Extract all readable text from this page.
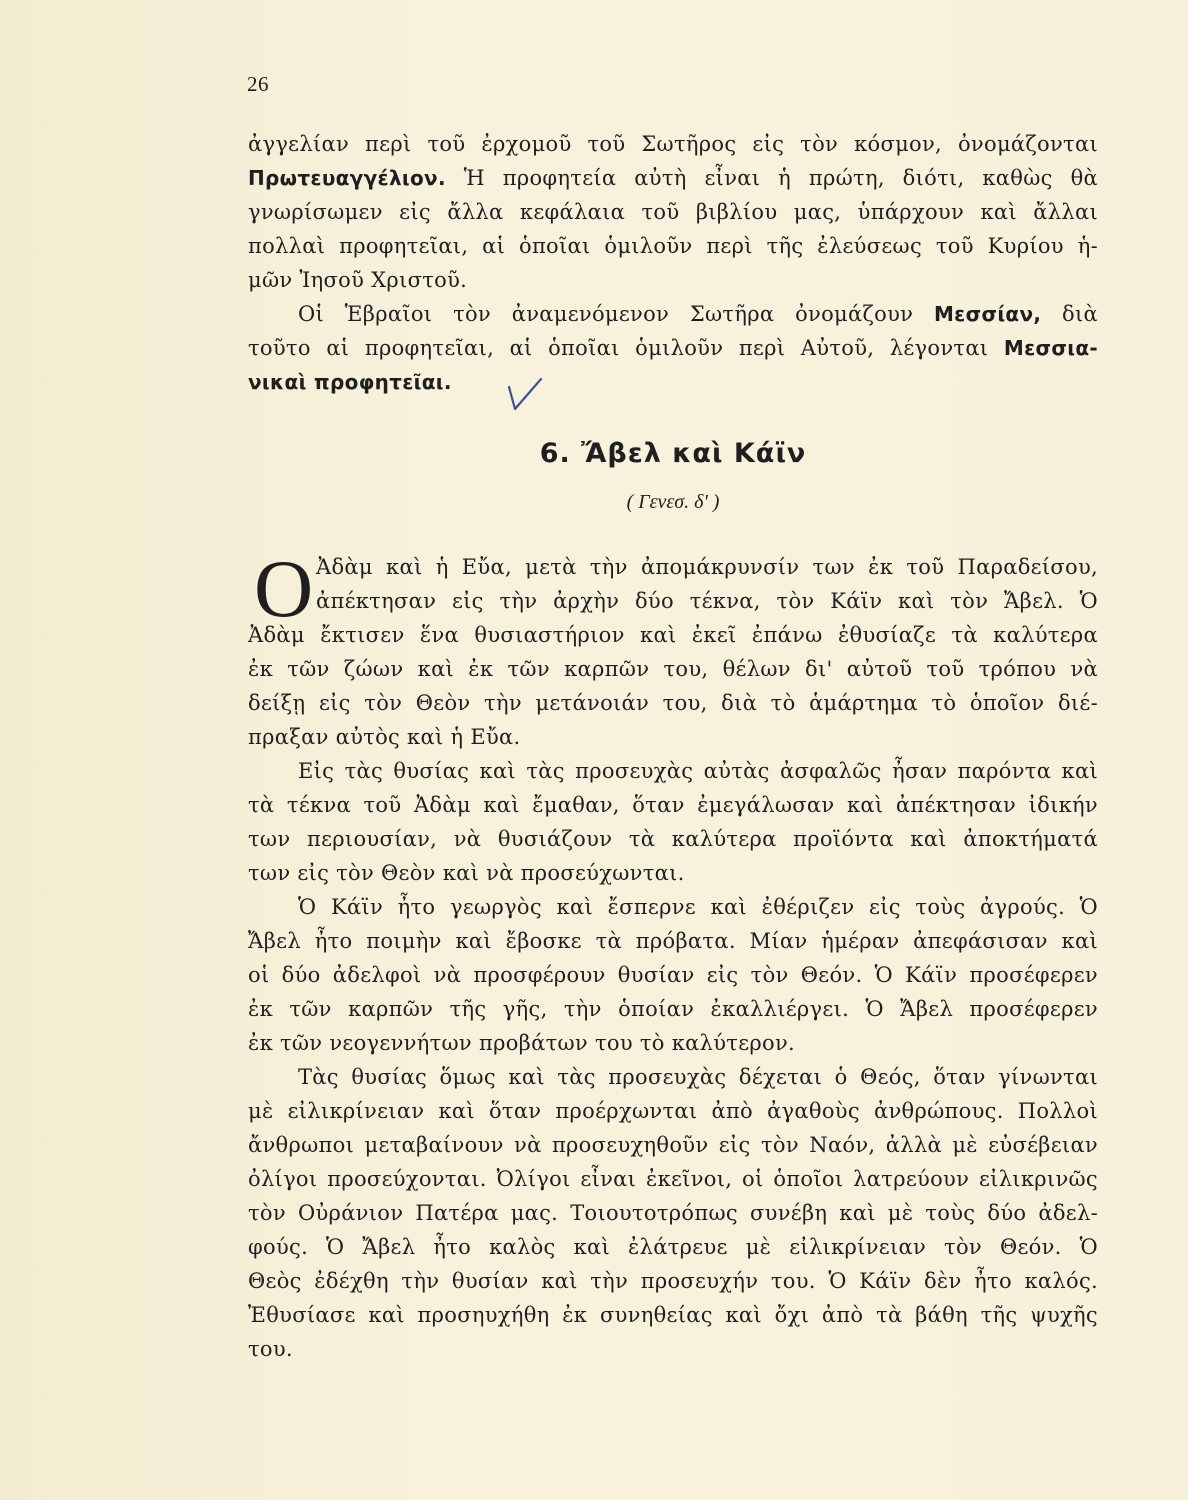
26
ἀγγελίαν περὶ τοῦ ἐρχομοῦ τοῦ Σωτῆρος εἰς τὸν κόσμον, ὀνομάζονται
Πρωτευαγγέλιον. Ἡ προφητεία αὐτὴ εἶναι ἡ πρώτη, διότι, καθὼς θὰ
γνωρίσωμεν εἰς ἄλλα κεφάλαια τοῦ βιβλίου μας, ὑπάρχουν καὶ ἄλλαι
πολλαὶ προφητεῖαι, αἱ ὁποῖαι ὁμιλοῦν περὶ τῆς ἐλεύσεως τοῦ Κυρίου ἡ-
μῶν Ἰησοῦ Χριστοῦ.
Οἱ Ἑβραῖοι τὸν ἀναμενόμενον Σωτῆρα ὀνομάζουν Μεσσίαν, διὰ
τοῦτο αἱ προφητεῖαι, αἱ ὁποῖαι ὁμιλοῦν περὶ Αὐτοῦ, λέγονται Μεσσια-
νικαὶ προφητεῖαι.
6. Ἄβελ καὶ Κάϊν
( Γενεσ. δ' )
Ο Ἀδὰμ καὶ ἡ Εὔα, μετὰ τὴν ἀπομάκρυνσίν των ἐκ τοῦ Παραδείσου,
ἀπέκτησαν εἰς τὴν ἀρχὴν δύο τέκνα, τὸν Κάϊν καὶ τὸν Ἄβελ. Ὁ
Ἀδὰμ ἔκτισεν ἕνα θυσιαστήριον καὶ ἐκεῖ ἐπάνω ἐθυσίαζε τὰ καλύτερα
ἐκ τῶν ζώων καὶ ἐκ τῶν καρπῶν του, θέλων δι' αὐτοῦ τοῦ τρόπου νὰ
δείξῃ εἰς τὸν Θεὸν τὴν μετάνοιάν του, διὰ τὸ ἁμάρτημα τὸ ὁποῖον διέ-
πραξαν αὐτὸς καὶ ἡ Εὔα.
Εἰς τὰς θυσίας καὶ τὰς προσευχὰς αὐτὰς ἀσφαλῶς ἦσαν παρόντα καὶ
τὰ τέκνα τοῦ Ἀδὰμ καὶ ἔμαθαν, ὅταν ἐμεγάλωσαν καὶ ἀπέκτησαν ἰδικήν
των περιουσίαν, νὰ θυσιάζουν τὰ καλύτερα προϊόντα καὶ ἀποκτήματά
των εἰς τὸν Θεὸν καὶ νὰ προσεύχωνται.
Ὁ Κάϊν ἦτο γεωργὸς καὶ ἔσπερνε καὶ ἐθέριζεν εἰς τοὺς ἀγρούς. Ὁ
Ἄβελ ἦτο ποιμὴν καὶ ἔβοσκε τὰ πρόβατα. Μίαν ἡμέραν ἀπεφάσισαν καὶ
οἱ δύο ἀδελφοὶ νὰ προσφέρουν θυσίαν εἰς τὸν Θεόν. Ὁ Κάϊν προσέφερεν
ἐκ τῶν καρπῶν τῆς γῆς, τὴν ὁποίαν ἐκαλλιέργει. Ὁ Ἄβελ προσέφερεν
ἐκ τῶν νεογεννήτων προβάτων του τὸ καλύτερον.
Τὰς θυσίας ὅμως καὶ τὰς προσευχὰς δέχεται ὁ Θεός, ὅταν γίνωνται
μὲ εἰλικρίνειαν καὶ ὅταν προέρχωνται ἀπὸ ἀγαθοὺς ἀνθρώπους. Πολλοὶ
ἄνθρωποι μεταβαίνουν νὰ προσευχηθοῦν εἰς τὸν Ναόν, ἀλλὰ μὲ εὐσέβειαν
ὀλίγοι προσεύχονται. Ὀλίγοι εἶναι ἐκεῖνοι, οἱ ὁποῖοι λατρεύουν εἰλικρινῶς
τὸν Οὐράνιον Πατέρα μας. Τοιουτοτρόπως συνέβη καὶ μὲ τοὺς δύο ἀδελ-
φούς. Ὁ Ἄβελ ἦτο καλὸς καὶ ἐλάτρευε μὲ εἰλικρίνειαν τὸν Θεόν. Ὁ
Θεὸς ἐδέχθη τὴν θυσίαν καὶ τὴν προσευχήν του. Ὁ Κάϊν δὲν ἦτο καλός.
Ἐθυσίασε καὶ προσηυχήθη ἐκ συνηθείας καὶ ὄχι ἀπὸ τὰ βάθη τῆς ψυχῆς
του.
